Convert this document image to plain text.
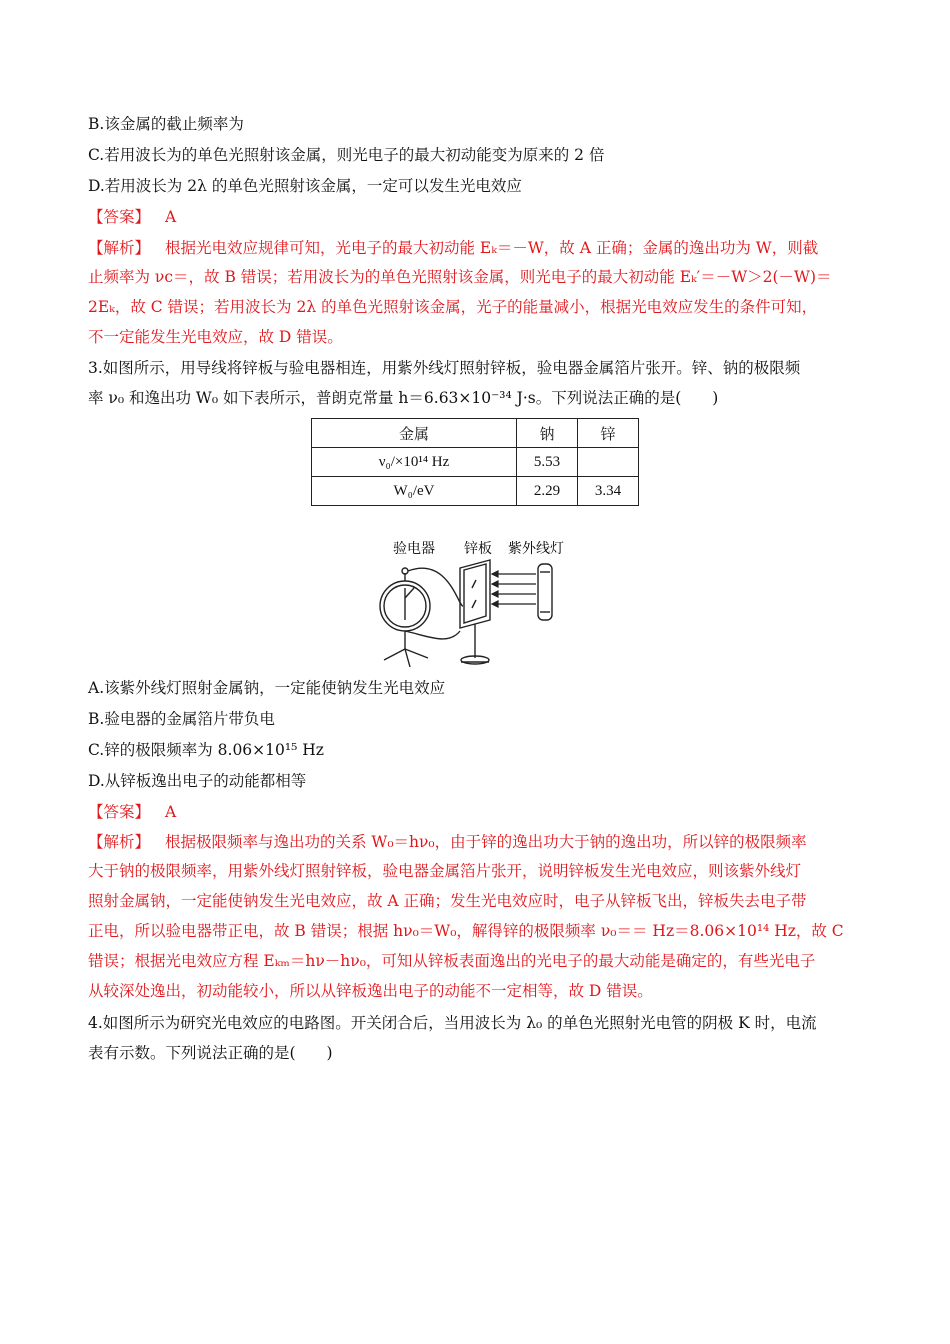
B.该金属的截止频率为
C.若用波长为的单色光照射该金属，则光电子的最大初动能变为原来的 2 倍
D.若用波长为 2λ 的单色光照射该金属，一定可以发生光电效应
【答案】 A
【解析】 根据光电效应规律可知，光电子的最大初动能 Eₖ＝－W，故 A 正确；金属的逸出功为 W，则截
止频率为 νc＝，故 B 错误；若用波长为的单色光照射该金属，则光电子的最大初动能 Eₖ′＝－W＞2(－W)＝
2Eₖ，故 C 错误；若用波长为 2λ 的单色光照射该金属，光子的能量减小，根据光电效应发生的条件可知，
不一定能发生光电效应，故 D 错误。
3.如图所示，用导线将锌板与验电器相连，用紫外线灯照射锌板，验电器金属箔片张开。锌、钠的极限频
率 ν₀ 和逸出功 W₀ 如下表所示，普朗克常量 h＝6.63×10⁻³⁴ J·s。下列说法正确的是(　　)
金属	钠	锌
ν₀/×10¹⁴ Hz	5.53	
W₀/eV	2.29	3.34
验电器 锌板 紫外线灯
A.该紫外线灯照射金属钠，一定能使钠发生光电效应
B.验电器的金属箔片带负电
C.锌的极限频率为 8.06×10¹⁵ Hz
D.从锌板逸出电子的动能都相等
【答案】 A
【解析】 根据极限频率与逸出功的关系 W₀＝hν₀，由于锌的逸出功大于钠的逸出功，所以锌的极限频率
大于钠的极限频率，用紫外线灯照射锌板，验电器金属箔片张开，说明锌板发生光电效应，则该紫外线灯
照射金属钠，一定能使钠发生光电效应，故 A 正确；发生光电效应时，电子从锌板飞出，锌板失去电子带
正电，所以验电器带正电，故 B 错误；根据 hν₀＝W₀，解得锌的极限频率 ν₀＝＝ Hz＝8.06×10¹⁴ Hz，故 C
错误；根据光电效应方程 Eₖₘ＝hν－hν₀，可知从锌板表面逸出的光电子的最大动能是确定的，有些光电子
从较深处逸出，初动能较小，所以从锌板逸出电子的动能不一定相等，故 D 错误。
4.如图所示为研究光电效应的电路图。开关闭合后，当用波长为 λ₀ 的单色光照射光电管的阴极 K 时，电流
表有示数。下列说法正确的是(　　)
